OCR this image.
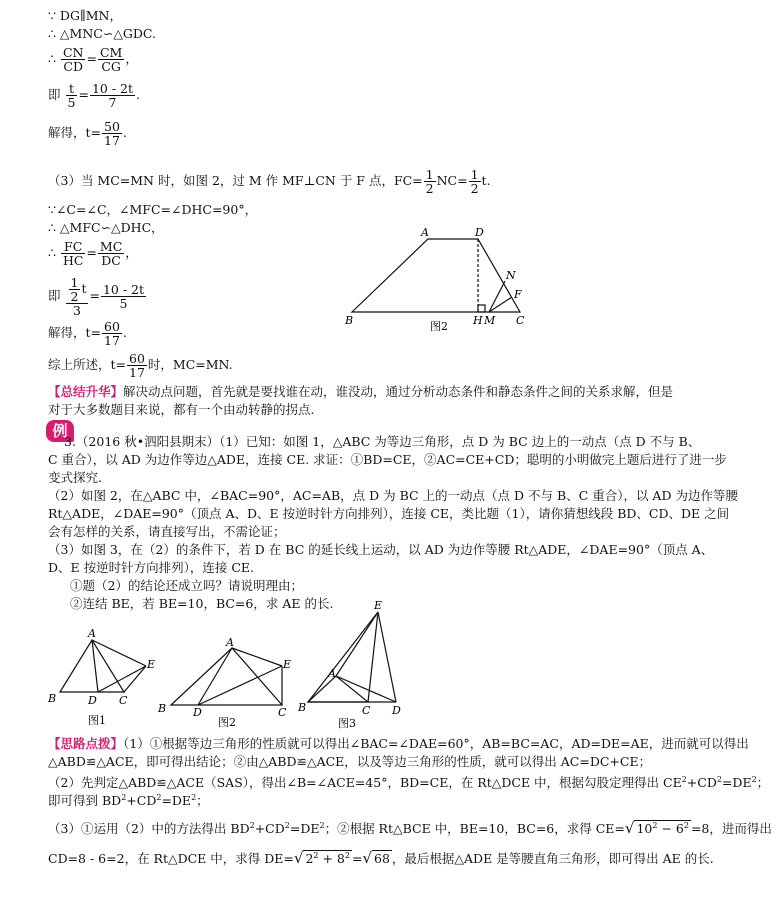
∵ DG∥MN，
∴ △MNC∽△GDC.
∴ $\frac{CN}{CD} = \frac{CM}{CG}$ ，
即 $\frac{t}{5} = \frac{10 - 2t}{7}$ .
解得，$t= \frac{50}{17}$ .
（3）当 MC=MN 时，如图 2，过 M 作 MF⊥CN 于 F 点，$FC= \frac{1}{2} NC= \frac{1}{2} t$.
∵∠C=∠C，∠MFC=∠DHC=90°，
∴ △MFC∽△DHC，
∴ $\frac{FC}{HC} = \frac{MC}{DC}$ ，
即 $\frac{\frac{1}{2} t}{3} = \frac{10 - 2t}{5}$
解得，$t= \frac{60}{17}$ .
综上所述，$t= \frac{60}{17}$ 时，MC=MN.
【总结升华】解决动点问题，首先就是要找谁在动，谁没动，通过分析动态条件和静态条件之间的关系求解，但是
对于大多数题目来说，都有一个由动转静的拐点.
例
3.（2016 秋•泗阳县期末）（1）已知：如图 1，△ABC 为等边三角形，点 D 为 BC 边上的一动点（点 D 不与 B、
C 重合），以 AD 为边作等边△ADE，连接 CE. 求证：①BD=CE，②AC=CE+CD；聪明的小明做完上题后进行了进一步
变式探究.
（2）如图 2，在△ABC 中，∠BAC=90°，AC=AB，点 D 为 BC 上的一动点（点 D 不与 B、C 重合），以 AD 为边作等腰
Rt△ADE，∠DAE=90°（顶点 A、D、E 按逆时针方向排列），连接 CE，类比题（1），请你猜想线段 BD、CD、DE 之间
会有怎样的关系，请直接写出，不需论证；
（3）如图 3，在（2）的条件下，若 D 在 BC 的延长线上运动，以 AD 为边作等腰 Rt△ADE，∠DAE=90°（顶点 A、
D、E 按逆时针方向排列），连接 CE.
①题（2）的结论还成立吗？请说明理由；
②连结 BE，若 BE=10，BC=6，求 AE 的长.
【思路点拨】（1）①根据等边三角形的性质就可以得出∠BAC=∠DAE=60°，AB=BC=AC，AD=DE=AE，进而就可以得出
△ABD≌△ACE，即可得出结论；②由△ABD≌△ACE，以及等边三角形的性质，就可以得出 AC=DC+CE；
（2）先判定△ABD≌△ACE（SAS），得出∠B=∠ACE=45°，BD=CE，在 Rt△DCE 中，根据勾股定理得出 $CE^2+CD^2=DE^2$；
即可得到 $BD^2+CD^2=DE^2$；
（3）①运用（2）中的方法得出 $BD^2+CD^2=DE^2$；②根据 Rt△BCE 中，BE=10，BC=6，求得 CE=√ $10^2 - 6^2 =8$，进而得出
CD=8 - 6=2，在 Rt△DCE 中，求得 DE=√ $2^2 + 8^2$ =√ 68 ，最后根据△ADE 是等腰直角三角形，即可得出 AE 的长.
A	D
N
F
B	H M C
图2
A
E
B	D C
图1
A
E
B D	C
图2
E
A
B	C D
图3
